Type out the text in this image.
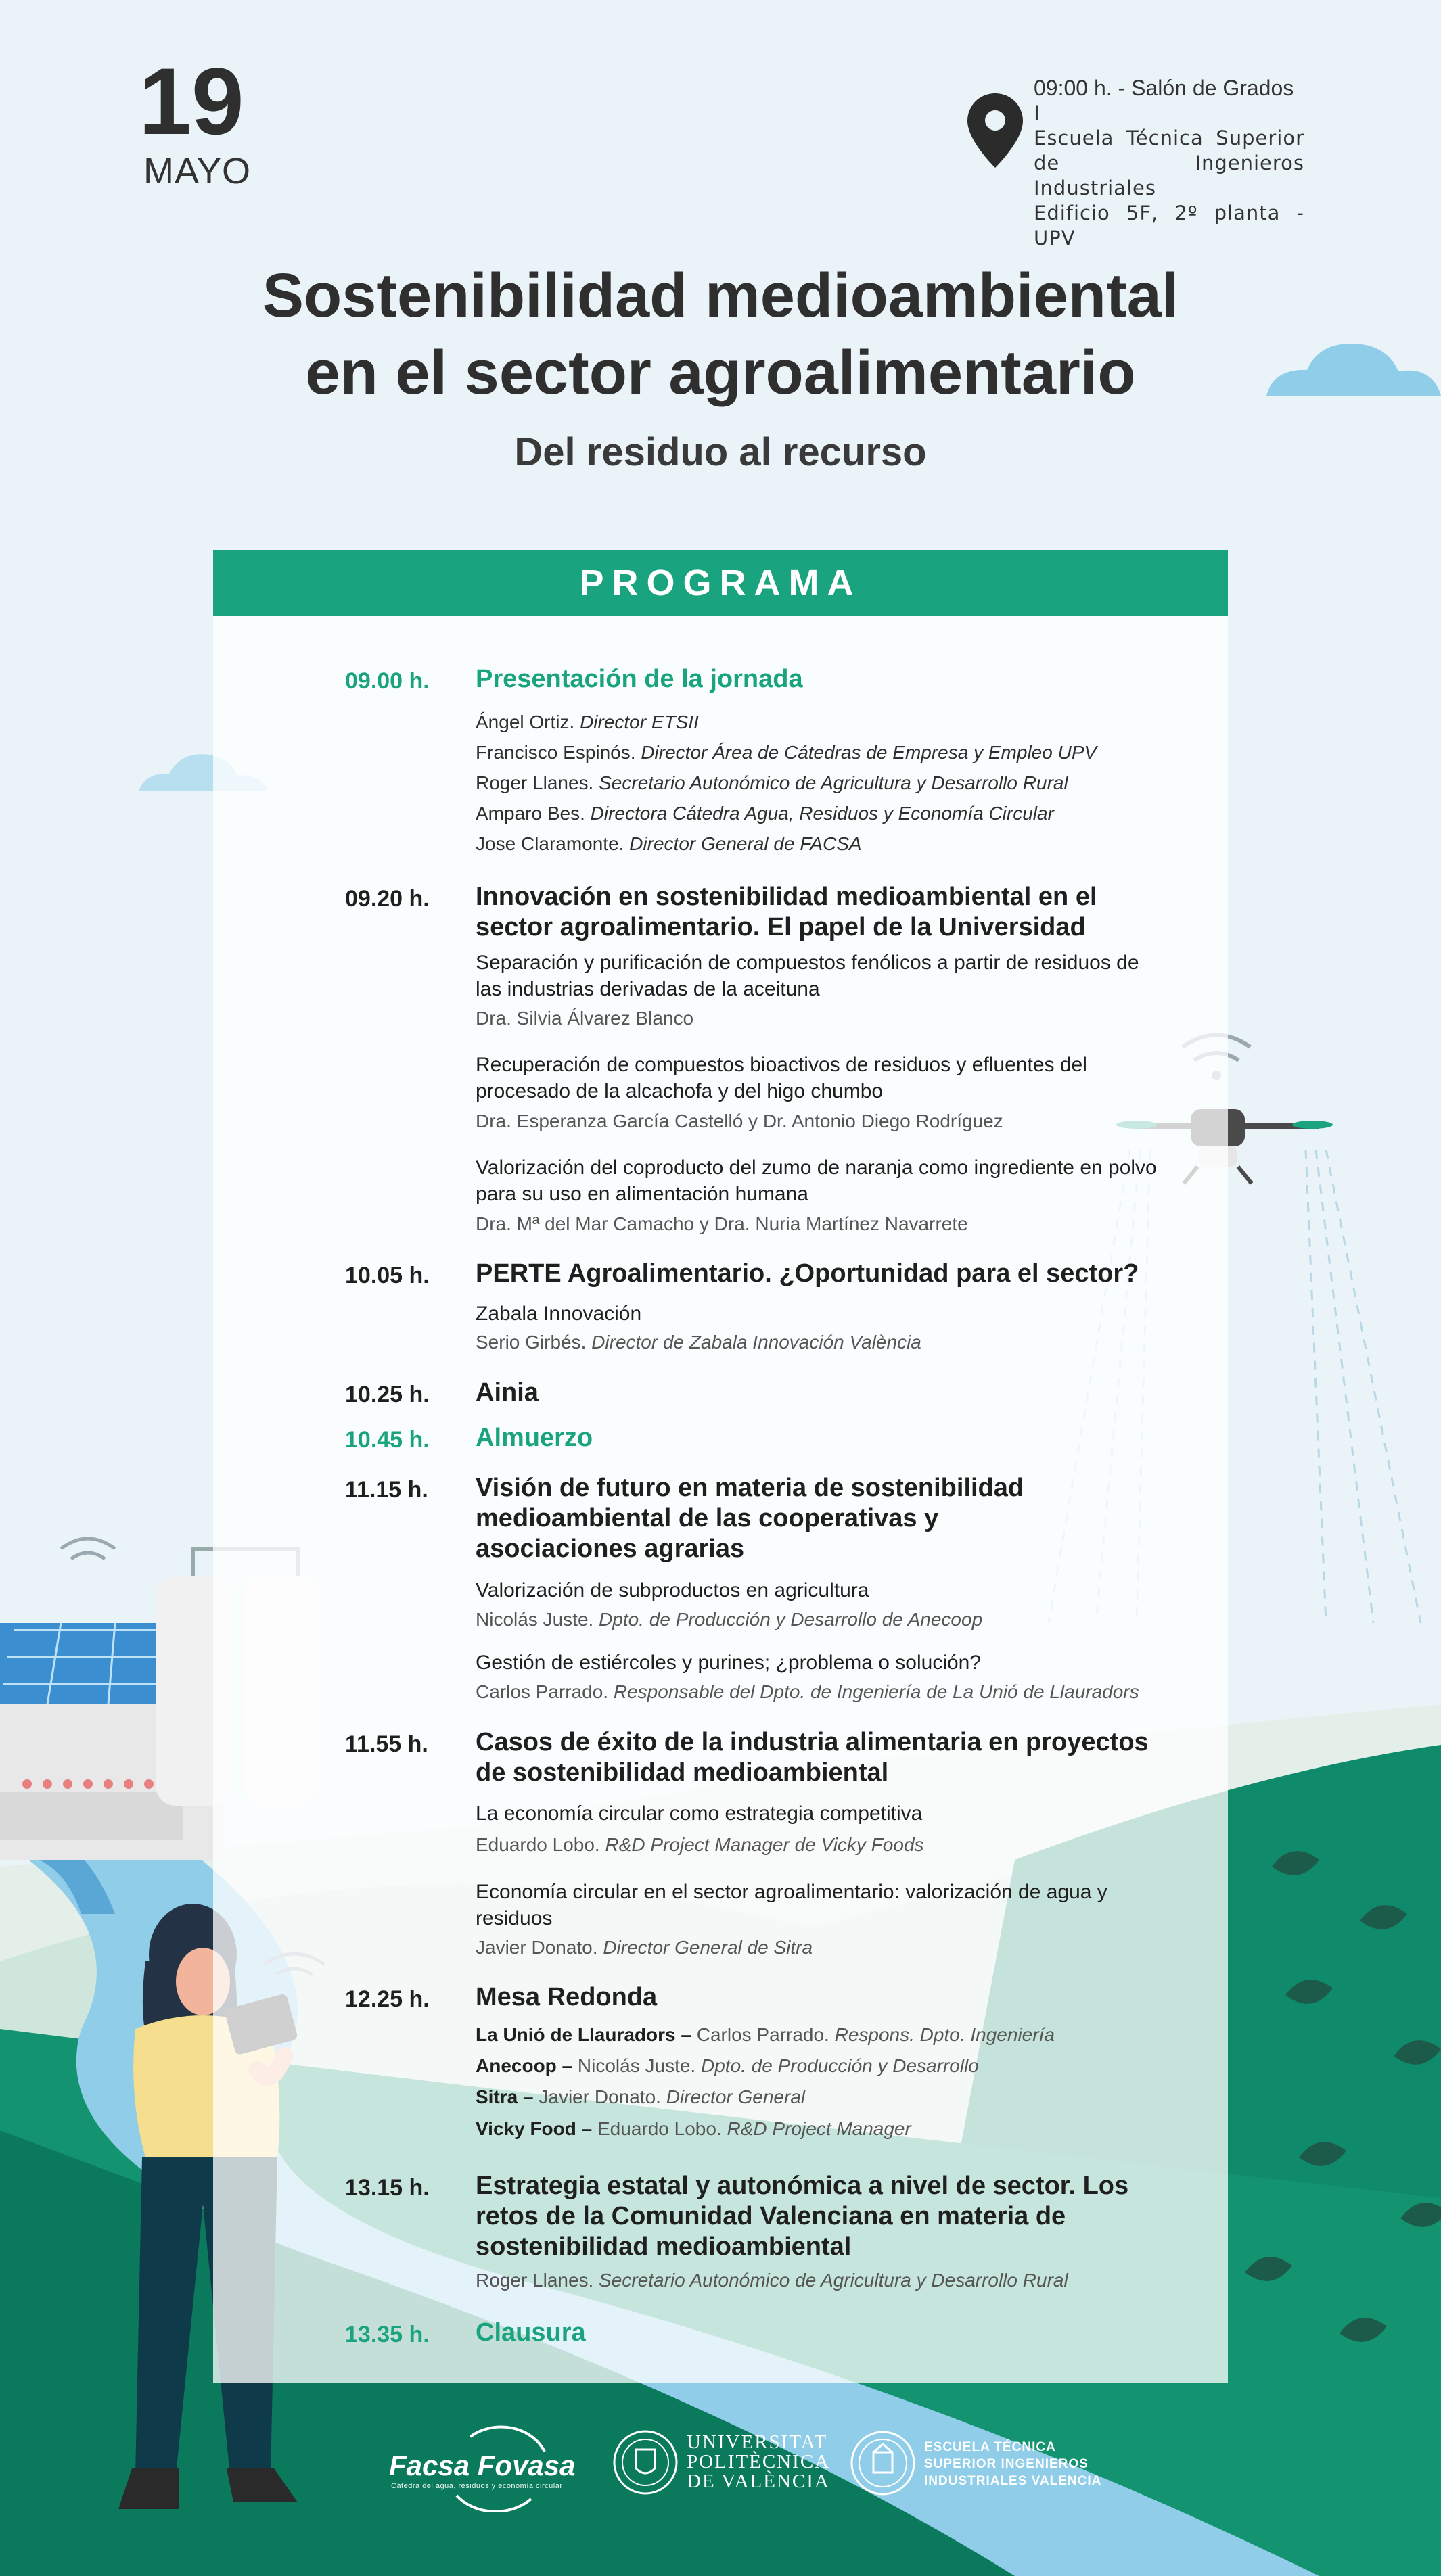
19
MAYO
09:00 h. - Salón de Grados I
Escuela Técnica Superior
de Ingenieros Industriales
Edificio 5F, 2º planta - UPV
Sostenibilidad medioambiental
en el sector agroalimentario
Del residuo al recurso
PROGRAMA
09.00 h. Presentación de la jornada
Ángel Ortiz. Director ETSII
Francisco Espinós. Director Área de Cátedras de Empresa y Empleo UPV
Roger Llanes. Secretario Autonómico de Agricultura y Desarrollo Rural
Amparo Bes. Directora Cátedra Agua, Residuos y Economía Circular
Jose Claramonte. Director General de FACSA
09.20 h. Innovación en sostenibilidad medioambiental en el sector agroalimentario. El papel de la Universidad
Separación y purificación de compuestos fenólicos a partir de residuos de las industrias derivadas de la aceituna
Dra. Silvia Álvarez Blanco
Recuperación de compuestos bioactivos de residuos y efluentes del procesado de la alcachofa y del higo chumbo
Dra. Esperanza García Castelló y Dr. Antonio Diego Rodríguez
Valorización del coproducto del zumo de naranja como ingrediente en polvo para su uso en alimentación humana
Dra. Mª del Mar Camacho y Dra. Nuria Martínez Navarrete
10.05 h. PERTE Agroalimentario. ¿Oportunidad para el sector?
Zabala Innovación
Serio Girbés. Director de Zabala Innovación València
10.25 h. Ainia
10.45 h. Almuerzo
11.15 h. Visión de futuro en materia de sostenibilidad medioambiental de las cooperativas y asociaciones agrarias
Valorización de subproductos en agricultura
Nicolás Juste. Dpto. de Producción y Desarrollo de Anecoop
Gestión de estiércoles y purines; ¿problema o solución?
Carlos Parrado. Responsable del Dpto. de Ingeniería de La Unió de Llauradors
11.55 h. Casos de éxito de la industria alimentaria en proyectos de sostenibilidad medioambiental
La economía circular como estrategia competitiva
Eduardo Lobo. R&D Project Manager de Vicky Foods
Economía circular en el sector agroalimentario: valorización de agua y residuos
Javier Donato. Director General de Sitra
12.25 h. Mesa Redonda
La Unió de Llauradors – Carlos Parrado. Respons. Dpto. Ingeniería
Anecoop – Nicolás Juste. Dpto. de Producción y Desarrollo
Sitra – Javier Donato. Director General
Vicky Food – Eduardo Lobo. R&D Project Manager
13.15 h. Estrategia estatal y autonómica a nivel de sector. Los retos de la Comunidad Valenciana en materia de sostenibilidad medioambiental
Roger Llanes. Secretario Autonómico de Agricultura y Desarrollo Rural
13.35 h. Clausura
Facsa Fovasa
Cátedra del agua, residuos y economía circular
UNIVERSITAT
POLITÈCNICA
DE VALÈNCIA
ESCUELA TÉCNICA
SUPERIOR INGENIEROS
INDUSTRIALES VALENCIA
